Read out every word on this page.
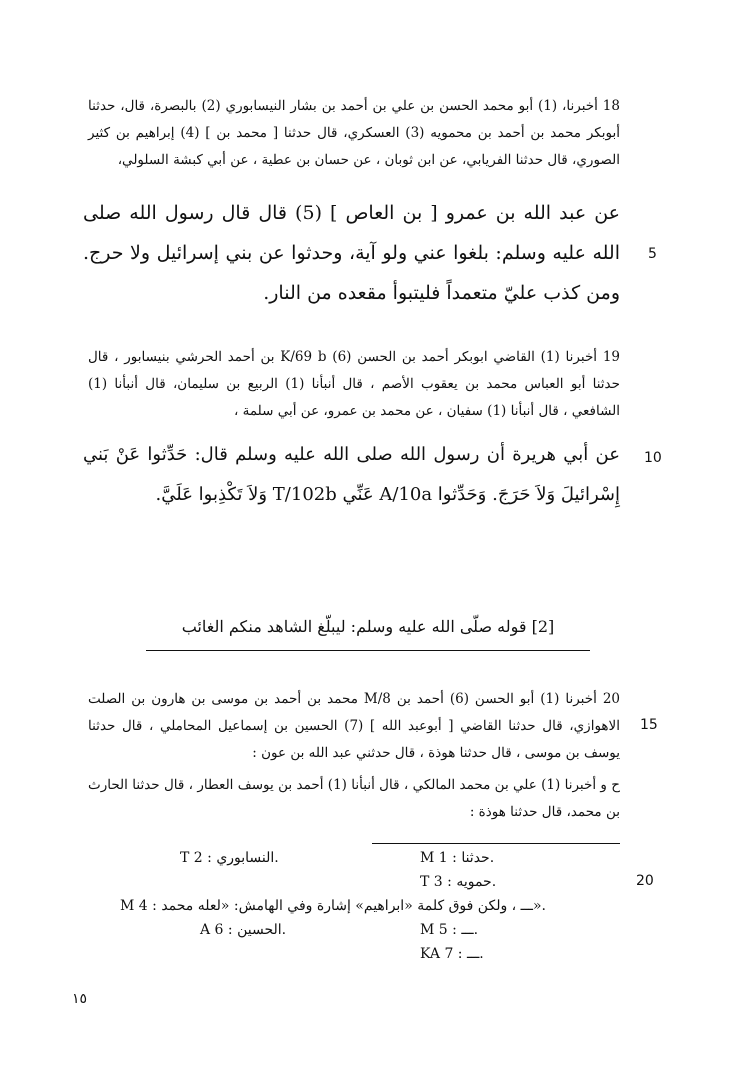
18 أخبرنا، (1) أبو محمد الحسن بن علي بن أحمد بن بشار النيسابوري (2) بالبصرة، قال، حدثنا أبوبكر محمد بن أحمد بن محمويه (3) العسكري، قال حدثنا [ محمد بن ] (4) إبراهيم بن كثير الصوري، قال حدثنا الفريابي، عن ابن ثوبان ، عن حسان بن عطية ، عن أبي كبشة السلولي،
عن عبد الله بن عمرو [ بن العاص ] (5) قال قال رسول الله صلى الله عليه وسلم: بلغوا عني ولو آية، وحدثوا عن بني إسرائيل ولا حرج. ومن كذب عليّ متعمداً فليتبوأ مقعده من النار.
5
19 أخبرنا (1) القاضي ابوبكر أحمد بن الحسن (6) K/69 b بن أحمد الحرشي بنيسابور ، قال حدثنا أبو العباس محمد بن يعقوب الأصم ، قال أنبأنا (1) الربيع بن سليمان، قال أنبأنا (1) الشافعي ، قال أنبأنا (1) سفيان ، عن محمد بن عمرو، عن أبي سلمة ،
عن أبي هريرة أن رسول الله صلى الله عليه وسلم قال: حَدِّثوا عَنْ بَني إِسْرائيلَ وَلاَ حَرَجَ. وَحَدِّثوا A/10a عَنِّي T/102b وَلاَ تَكْذِبوا عَلَيَّ.
10
[2] قوله صلّى الله عليه وسلم: ليبلّغ الشاهد منكم الغائب
20 أخبرنا (1) أبو الحسن (6) أحمد بن M/8 محمد بن أحمد بن موسى بن هارون بن الصلت الاهوازي، قال حدثنا القاضي [ أبوعبد الله ] (7) الحسين بن إسماعيل المحاملي ، قال حدثنا يوسف بن موسى ، قال حدثنا هوذة ، قال حدثني عبد الله بن عون :
15
ح و أخبرنا (1) علي بن محمد المالكي ، قال أنبأنا (1) أحمد بن يوسف العطار ، قال حدثنا الحارث بن محمد، قال حدثنا هوذة :
20
M 1 : حدثنا.
T 2 : النسابوري.
T 3 : حمويه.
M 4 : ـــ ، ولكن فوق كلمة «ابراهيم» إشارة وفي الهامش: «لعله محمد».
M 5 : ـــ.
A 6 : الحسين.
KA 7 : ـــ.
١٥
